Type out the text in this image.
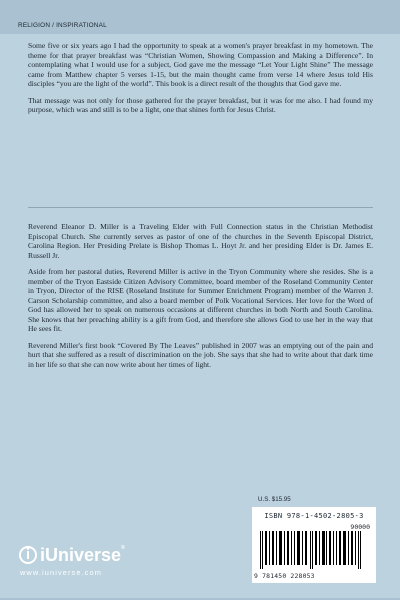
RELIGION / INSPIRATIONAL

Some five or six years ago I had the opportunity to speak at a women's prayer breakfast in my hometown. The theme for that prayer breakfast was “Christian Women, Showing Compassion and Making a Difference”. In contemplating what I would use for a subject, God gave me the message “Let Your Light Shine” The message came from Matthew chapter 5 verses 1-15, but the main thought came from verse 14 where Jesus told His disciples “you are the light of the world”. This book is a direct result of the thoughts that God gave me.

That message was not only for those gathered for the prayer breakfast, but it was for me also. I had found my purpose, which was and still is to be a light, one that shines forth for Jesus Christ.

Reverend Eleanor D. Miller is a Traveling Elder with Full Connection status in the Christian Methodist Episcopal Church. She currently serves as pastor of one of the churches in the Seventh Episcopal District, Carolina Region. Her Presiding Prelate is Bishop Thomas L. Hoyt Jr. and her presiding Elder is Dr. James E. Russell Jr.

Aside from her pastoral duties, Reverend Miller is active in the Tryon Community where she resides. She is a member of the Tryon Eastside Citizen Advisory Committee, board member of the Roseland Community Center in Tryon, Director of the RISE (Roseland Institute for Summer Enrichment Program) member of the Warren J. Carson Scholarship committee, and also a board member of Polk Vocational Services. Her love for the Word of God has allowed her to speak on numerous occasions at different churches in both North and South Carolina. She knows that her preaching ability is a gift from God, and therefore she allows God to use her in the way that He sees fit.

Reverend Miller's first book “Covered By The Leaves” published in 2007 was an emptying out of the pain and hurt that she suffered as a result of discrimination on the job. She says that she had to write about that dark time in her life so that she can now write about her times of light.

U.S. $15.95
ISBN 978-1-4502-2805-3
90000
9 781450 228053
iUniverse®
www.iuniverse.com
